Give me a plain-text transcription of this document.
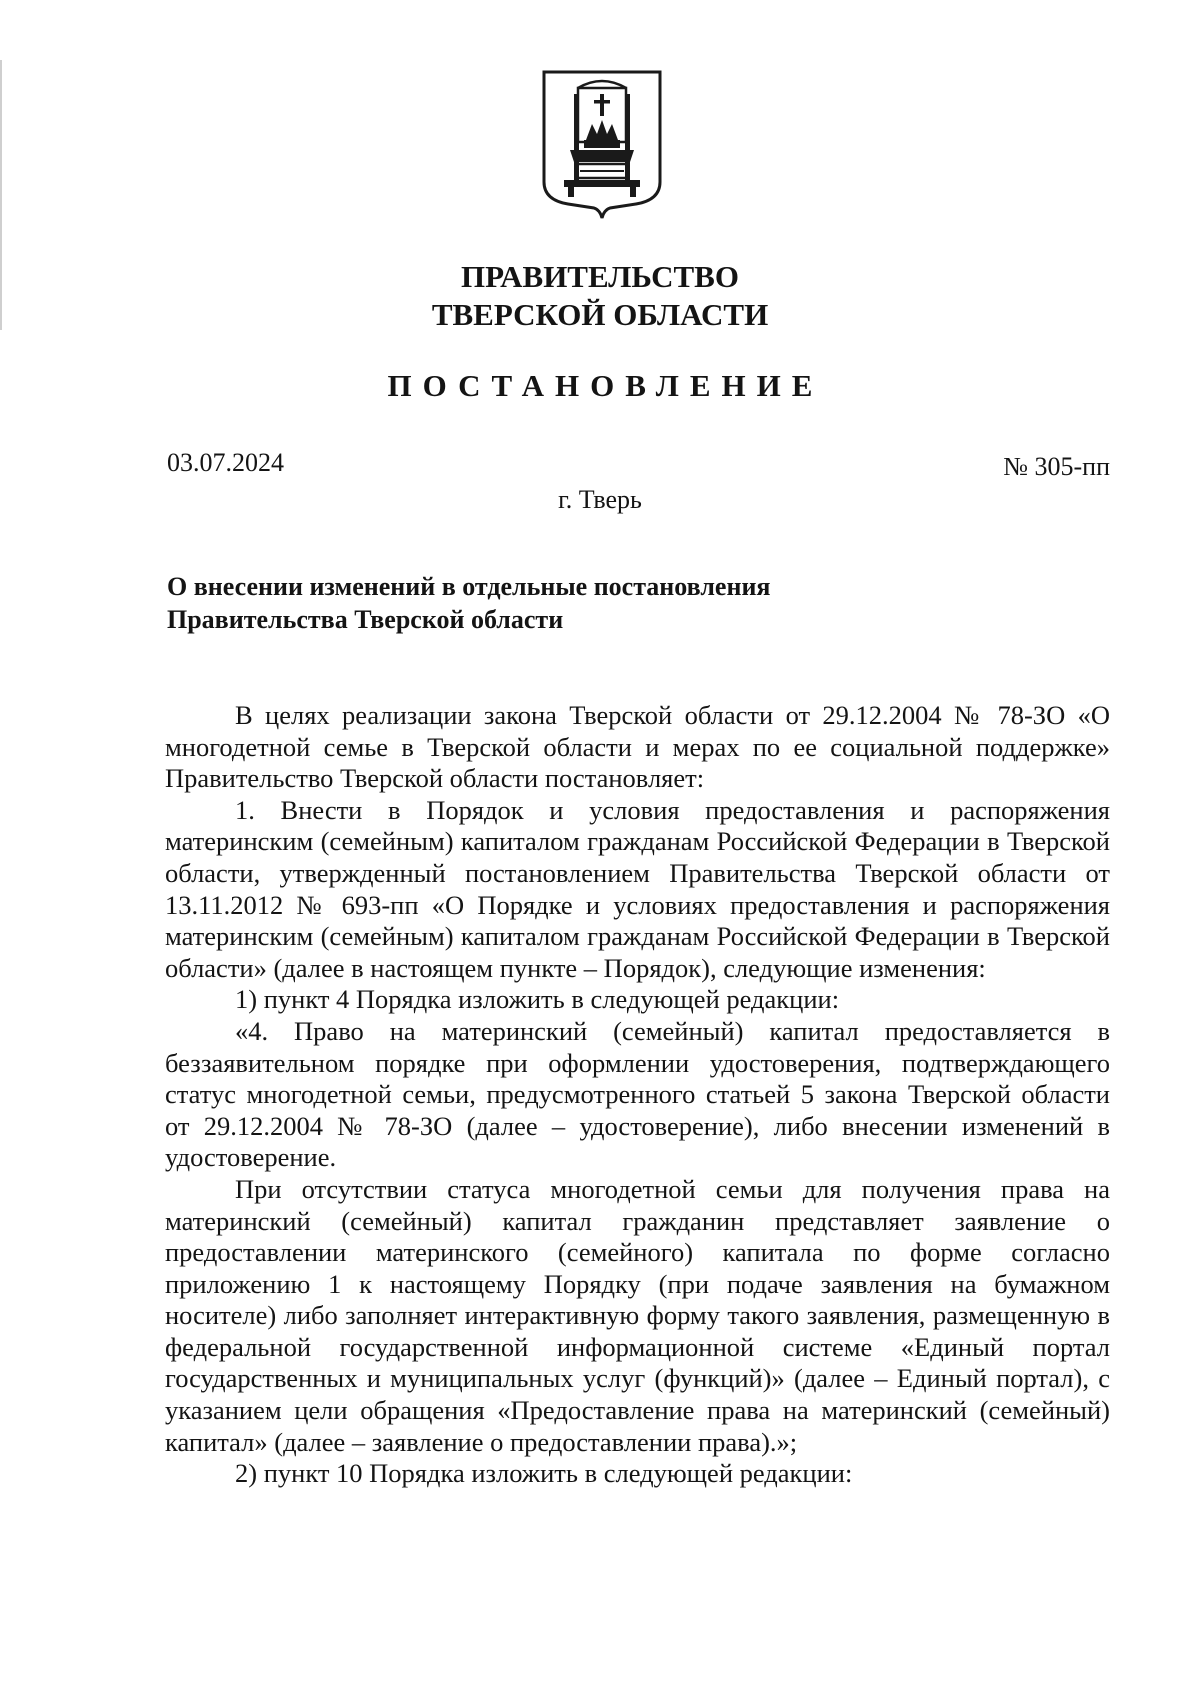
ПРАВИТЕЛЬСТВО
ТВЕРСКОЙ ОБЛАСТИ
ПОСТАНОВЛЕНИЕ
03.07.2024	№ 305-пп
г. Тверь
О внесении изменений в отдельные постановления
Правительства Тверской области

В целях реализации закона Тверской области от 29.12.2004 № 78-ЗО «О многодетной семье в Тверской области и мерах по ее социальной поддержке» Правительство Тверской области постановляет:

1. Внести в Порядок и условия предоставления и распоряжения материнским (семейным) капиталом гражданам Российской Федерации в Тверской области, утвержденный постановлением Правительства Тверской области от 13.11.2012 № 693-пп «О Порядке и условиях предоставления и распоряжения материнским (семейным) капиталом гражданам Российской Федерации в Тверской области» (далее в настоящем пункте – Порядок), следующие изменения:

1) пункт 4 Порядка изложить в следующей редакции:

«4. Право на материнский (семейный) капитал предоставляется в беззаявительном порядке при оформлении удостоверения, подтверждающего статус многодетной семьи, предусмотренного статьей 5 закона Тверской области от 29.12.2004 № 78-ЗО (далее – удостоверение), либо внесении изменений в удостоверение.

При отсутствии статуса многодетной семьи для получения права на материнский (семейный) капитал гражданин представляет заявление о предоставлении материнского (семейного) капитала по форме согласно приложению 1 к настоящему Порядку (при подаче заявления на бумажном носителе) либо заполняет интерактивную форму такого заявления, размещенную в федеральной государственной информационной системе «Единый портал государственных и муниципальных услуг (функций)» (далее – Единый портал), с указанием цели обращения «Предоставление права на материнский (семейный) капитал» (далее – заявление о предоставлении права).»;

2) пункт 10 Порядка изложить в следующей редакции:
